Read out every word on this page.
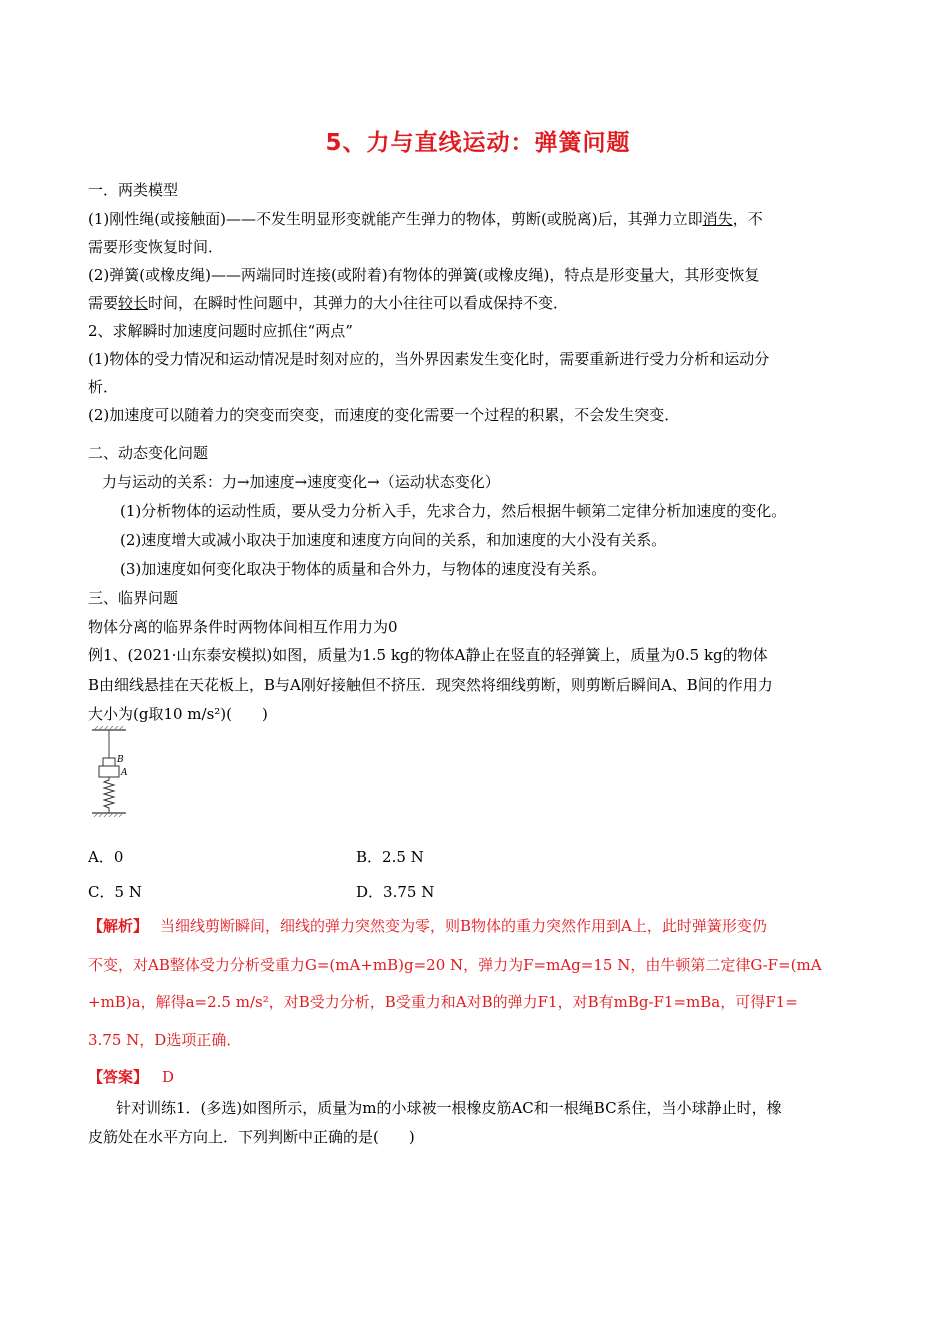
5、力与直线运动：弹簧问题
一．两类模型
(1)刚性绳(或接触面)——不发生明显形变就能产生弹力的物体，剪断(或脱离)后，其弹力立即消失，不
需要形变恢复时间．
(2)弹簧(或橡皮绳)——两端同时连接(或附着)有物体的弹簧(或橡皮绳)，特点是形变量大，其形变恢复
需要较长时间，在瞬时性问题中，其弹力的大小往往可以看成保持不变．
2、求解瞬时加速度问题时应抓住“两点”
(1)物体的受力情况和运动情况是时刻对应的，当外界因素发生变化时，需要重新进行受力分析和运动分
析．
(2)加速度可以随着力的突变而突变，而速度的变化需要一个过程的积累，不会发生突变．
二、动态变化问题
力与运动的关系：力→加速度→速度变化→（运动状态变化）
(1)分析物体的运动性质，要从受力分析入手，先求合力，然后根据牛顿第二定律分析加速度的变化。
(2)速度增大或减小取决于加速度和速度方向间的关系，和加速度的大小没有关系。
(3)加速度如何变化取决于物体的质量和合外力，与物体的速度没有关系。
三、临界问题
物体分离的临界条件时两物体间相互作用力为0
例1、(2021·山东泰安模拟)如图，质量为1.5 kg的物体A静止在竖直的轻弹簧上，质量为0.5 kg的物体
B由细线悬挂在天花板上，B与A刚好接触但不挤压．现突然将细线剪断，则剪断后瞬间A、B间的作用力
大小为(g取10 m/s²)(　　)
B
A
A．0	B．2.5 N
C．5 N	D．3.75 N
【解析】 当细线剪断瞬间，细线的弹力突然变为零，则B物体的重力突然作用到A上，此时弹簧形变仍
不变，对AB整体受力分析受重力G=(mA+mB)g=20 N，弹力为F=mAg=15 N，由牛顿第二定律G-F=(mA
+mB)a，解得a=2.5 m/s²，对B受力分析，B受重力和A对B的弹力F1，对B有mBg-F1=mBa，可得F1=
3.75 N，D选项正确．
【答案】 D
针对训练1．(多选)如图所示，质量为m的小球被一根橡皮筋AC和一根绳BC系住，当小球静止时，橡
皮筋处在水平方向上．下列判断中正确的是(　　)
